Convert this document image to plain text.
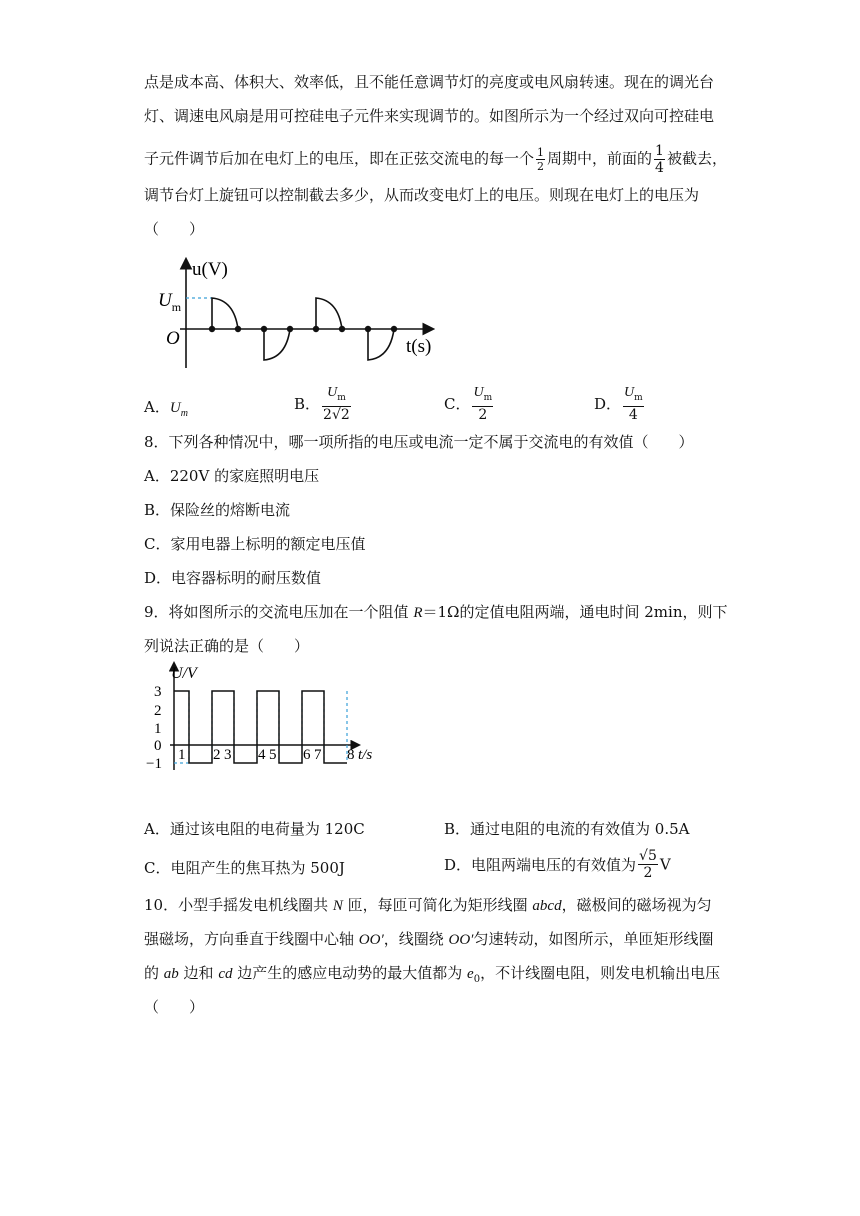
点是成本高、体积大、效率低，且不能任意调节灯的亮度或电风扇转速。现在的调光台
灯、调速电风扇是用可控硅电子元件来实现调节的。如图所示为一个经过双向可控硅电
子元件调节后加在电灯上的电压，即在正弦交流电的每一个 $\frac{1}{2}$ 周期中，前面的 $\frac{1}{4}$ 被截去，
调节台灯上旋钮可以控制截去多少，从而改变电灯上的电压。则现在电灯上的电压为
（　　）
u(V)
$U_m$
O	t(s)
A．$U_m$
B． $\frac{U_m}{2√2}$	C． $\frac{U_m}{2}$	D． $\frac{U_m}{4}$
8．下列各种情况中，哪一项所指的电压或电流一定不属于交流电的有效值（　　）
A．220V 的家庭照明电压
B．保险丝的熔断电流
C．家用电器上标明的额定电压值
D．电容器标明的耐压数值
9．将如图所示的交流电压加在一个阻值 R＝1Ω的定值电阻两端，通电时间 2min，则下
列说法正确的是（　　）
3
2
1
0
−1
1 2 3 4 5 6 7 8
U/V
t/s
A．通过该电阻的电荷量为 120C	B．通过电阻的电流的有效值为 0.5A
C．电阻产生的焦耳热为 500J	D．电阻两端电压的有效值为 $\frac{√5}{2}$ V
10．小型手摇发电机线圈共 N 匝，每匝可简化为矩形线圈 abcd，磁极间的磁场视为匀
强磁场，方向垂直于线圈中心轴 OO′，线圈绕 OO′匀速转动，如图所示，单匝矩形线圈
的 ab 边和 cd 边产生的感应电动势的最大值都为 $e_0$，不计线圈电阻，则发电机输出电压
（　　）
